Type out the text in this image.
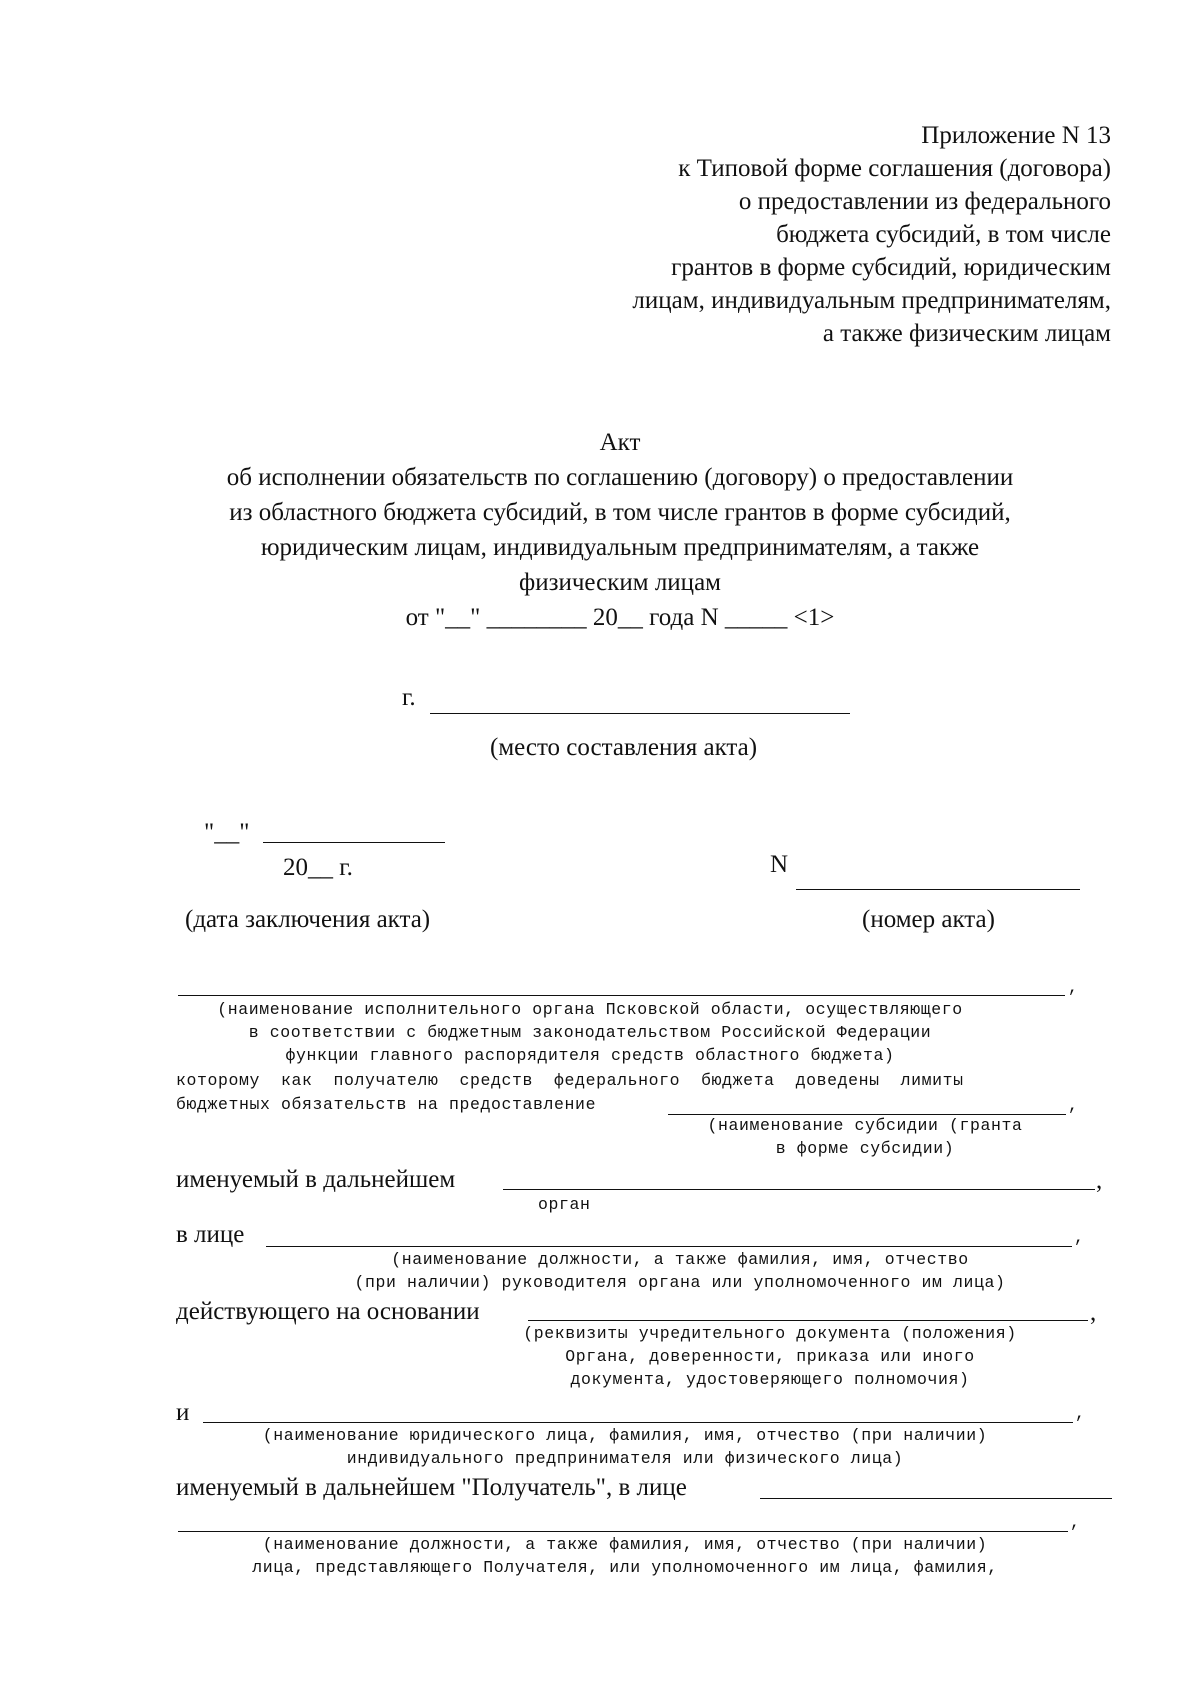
Приложение N 13
к Типовой форме соглашения (договора)
о предоставлении из федерального
бюджета субсидий, в том числе
грантов в форме субсидий, юридическим
лицам, индивидуальным предпринимателям,
а также физическим лицам
Акт
об исполнении обязательств по соглашению (договору) о предоставлении
из областного бюджета субсидий, в том числе грантов в форме субсидий,
юридическим лицам, индивидуальным предпринимателям, а также
физическим лицам
от "__" ________ 20__ года N _____ <1>
г.
(место составления акта)
"__"
20__ г.
(дата заключения акта)
N
(номер акта)
,
(наименование исполнительного органа Псковской области, осуществляющего
в соответствии с бюджетным законодательством Российской Федерации
функции главного распорядителя средств областного бюджета)
которому  как  получателю  средств  федерального  бюджета  доведены  лимиты
бюджетных обязательств на предоставление	,
(наименование субсидии (гранта
в форме субсидии)
именуемый в дальнейшем	,
орган
в лице	,
(наименование должности, а также фамилия, имя, отчество
(при наличии) руководителя органа или уполномоченного им лица)
действующего на основании	,
(реквизиты учредительного документа (положения)
Органа, доверенности, приказа или иного
документа, удостоверяющего полномочия)
и	,
(наименование юридического лица, фамилия, имя, отчество (при наличии)
индивидуального предпринимателя или физического лица)
именуемый в дальнейшем "Получатель", в лице
,
(наименование должности, а также фамилия, имя, отчество (при наличии)
лица, представляющего Получателя, или уполномоченного им лица, фамилия,
